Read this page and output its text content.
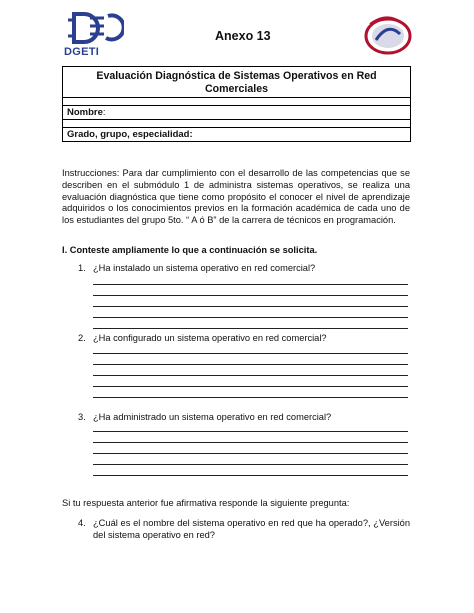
DGETI
Anexo 13
Evaluación Diagnóstica de Sistemas Operativos en Red Comerciales

Nombre:

Grado, grupo, especialidad:
Instrucciones: Para dar cumplimiento con el desarrollo de las competencias que se describen en el submódulo 1 de administra sistemas operativos, se realiza una evaluación diagnóstica que tiene como propósito el conocer el nivel de aprendizaje adquiridos o los conocimientos previos en la formación académica de cada uno de los estudiantes del grupo 5to. “ A ó B” de la carrera de técnicos en programación.
I. Conteste ampliamente lo que a continuación se solicita.
1. ¿Ha instalado un sistema operativo en red comercial?
2. ¿Ha configurado un sistema operativo en red comercial?
3. ¿Ha administrado un sistema operativo en red comercial?
Si tu respuesta anterior fue afirmativa responde la siguiente pregunta:
4. ¿Cuál es el nombre del sistema operativo en red que ha operado?, ¿Versión del sistema operativo en red?
